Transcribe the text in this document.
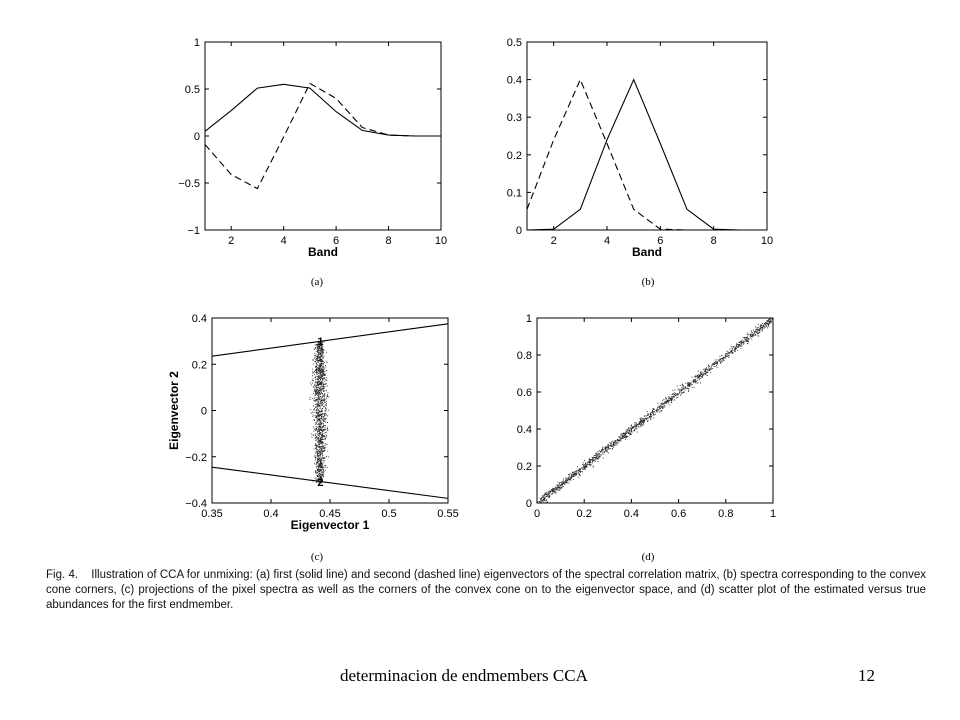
2	4	6	8	10
−1
−0.5
0
0.5
1
Band
(a)
2	4	6	8	10
0
0.1
0.2
0.3
0.4
0.5
Band
(b)
0.35	0.4	0.45	0.5	0.55
−0.4
−0.2
0
0.2
0.4
Eigenvector 1
Eigenvector 2
(c)
1
2
0	0.2	0.4	0.6	0.8	1
0
0.2
0.4
0.6
0.8
1
(d)
Fig. 4. Illustration of CCA for unmixing: (a) first (solid line) and second (dashed line) eigenvectors of the spectral correlation matrix, (b) spectra corresponding to the convex cone corners, (c) projections of the pixel spectra as well as the corners of the convex cone on to the eigenvector space, and (d) scatter plot of the estimated versus true abundances for the first endmember.
determinacion de endmembers CCA	12
